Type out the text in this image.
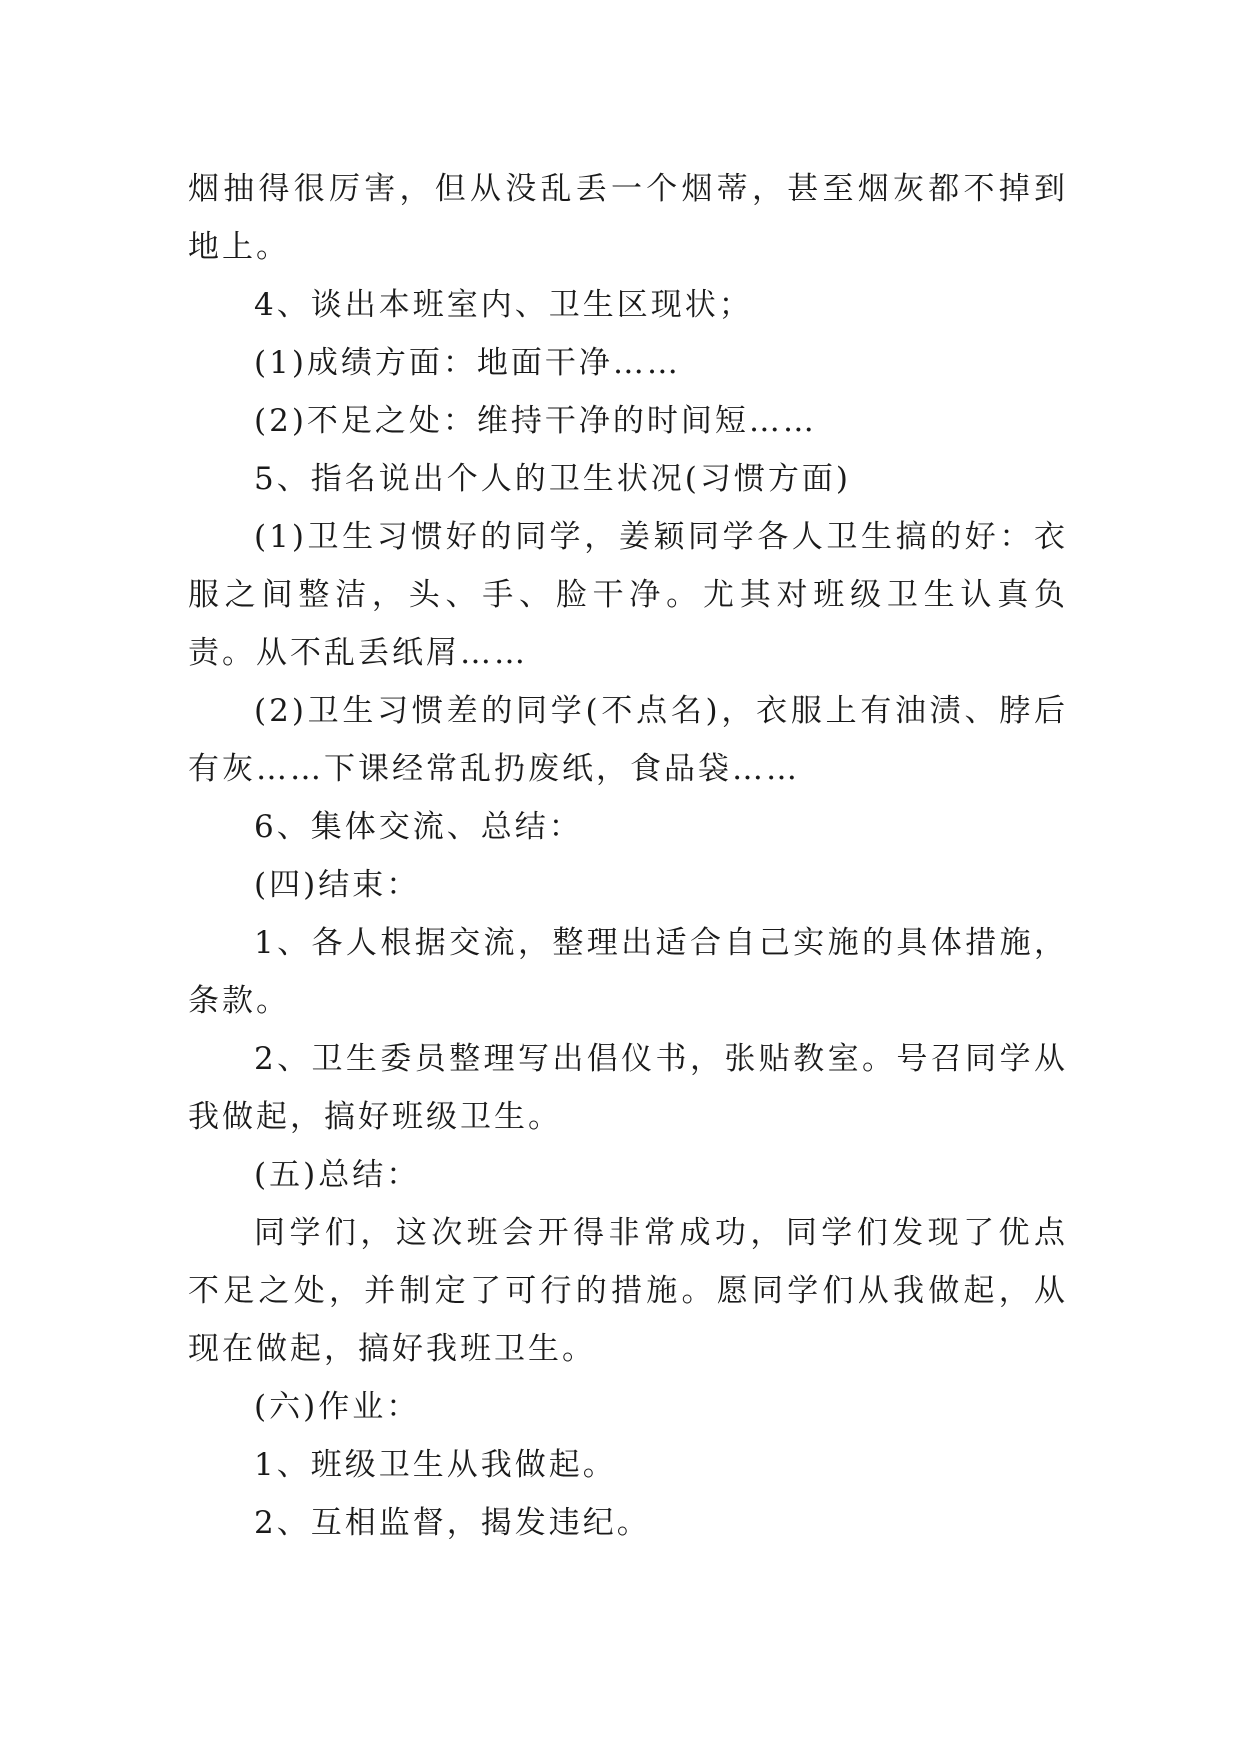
烟抽得很厉害，但从没乱丢一个烟蒂，甚至烟灰都不掉到地上。

4、谈出本班室内、卫生区现状；

(1)成绩方面：地面干净……

(2)不足之处：维持干净的时间短……

5、指名说出个人的卫生状况(习惯方面)

(1)卫生习惯好的同学，姜颖同学各人卫生搞的好：衣服之间整洁，头、手、脸干净。尤其对班级卫生认真负责。从不乱丢纸屑……

(2)卫生习惯差的同学(不点名)，衣服上有油渍、脖后有灰……下课经常乱扔废纸，食品袋……

6、集体交流、总结：

(四)结束：

1、各人根据交流，整理出适合自己实施的具体措施，条款。

2、卫生委员整理写出倡仪书，张贴教室。号召同学从我做起，搞好班级卫生。

(五)总结：

同学们，这次班会开得非常成功，同学们发现了优点不足之处，并制定了可行的措施。愿同学们从我做起，从现在做起，搞好我班卫生。

(六)作业：

1、班级卫生从我做起。

2、互相监督，揭发违纪。
